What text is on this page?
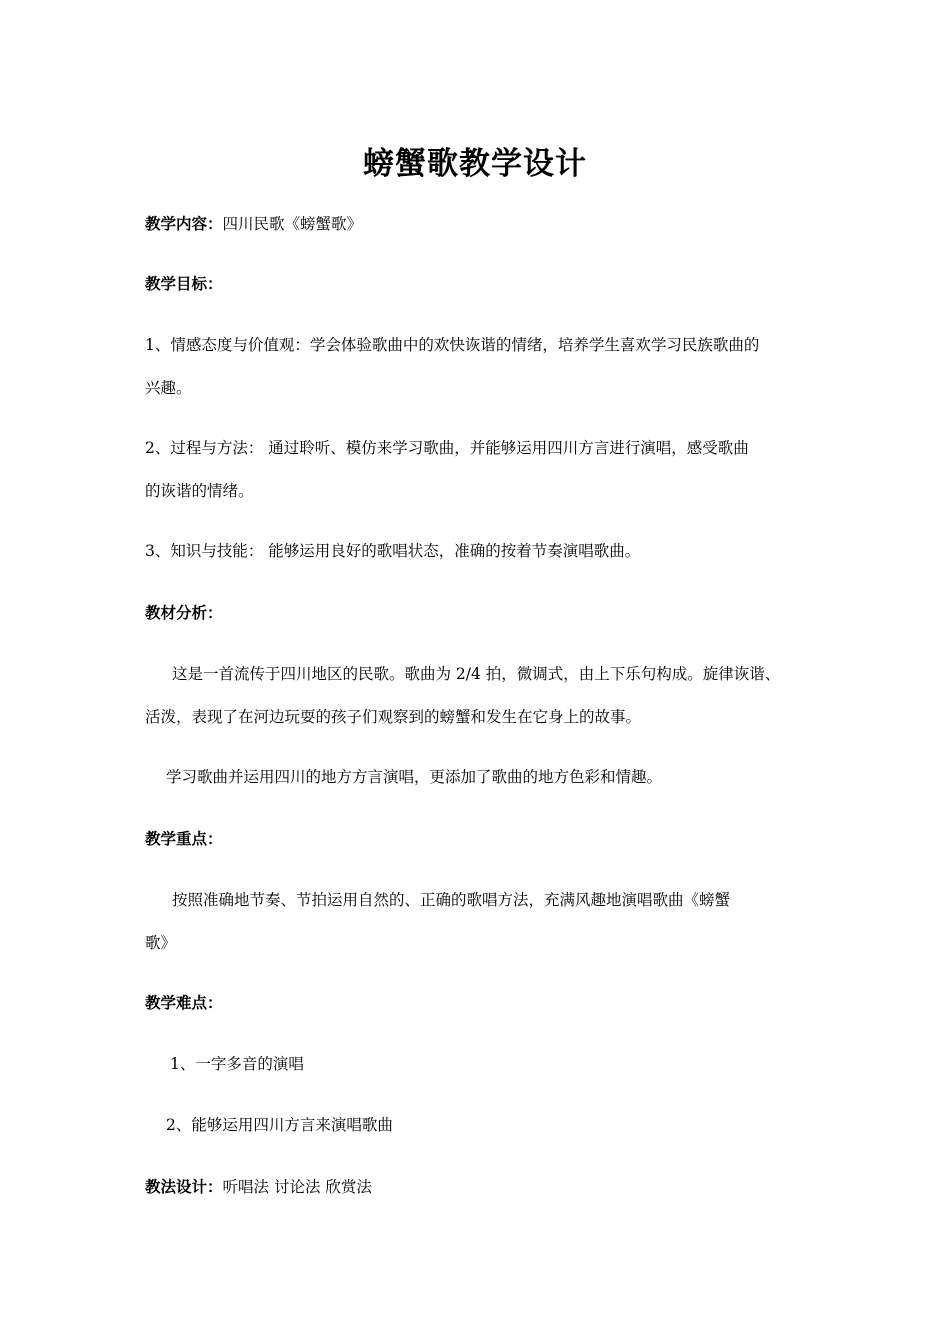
螃蟹歌教学设计
教学内容：四川民歌《螃蟹歌》
教学目标：
1、情感态度与价值观：学会体验歌曲中的欢快诙谐的情绪，培养学生喜欢学习民族歌曲的
兴趣。
2、过程与方法： 通过聆听、模仿来学习歌曲，并能够运用四川方言进行演唱，感受歌曲
的诙谐的情绪。
3、知识与技能： 能够运用良好的歌唱状态，准确的按着节奏演唱歌曲。
教材分析：
这是一首流传于四川地区的民歌。歌曲为 2/4 拍，微调式，由上下乐句构成。旋律诙谐、
活泼，表现了在河边玩耍的孩子们观察到的螃蟹和发生在它身上的故事。
学习歌曲并运用四川的地方方言演唱，更添加了歌曲的地方色彩和情趣。
教学重点：
按照准确地节奏、节拍运用自然的、正确的歌唱方法，充满风趣地演唱歌曲《螃蟹
歌》
教学难点：
1、一字多音的演唱
2、能够运用四川方言来演唱歌曲
教法设计：听唱法 讨论法 欣赏法
